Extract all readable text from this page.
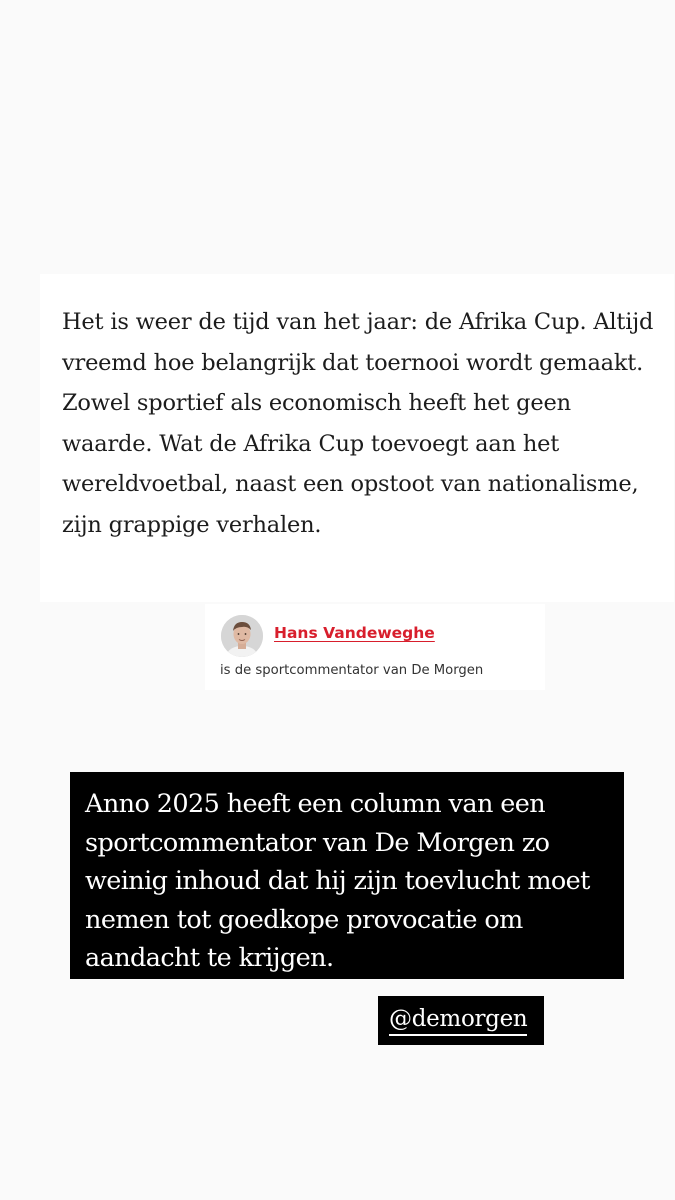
Het is weer de tijd van het jaar: de Afrika Cup. Altijd vreemd hoe belangrijk dat toernooi wordt gemaakt. Zowel sportief als economisch heeft het geen waarde. Wat de Afrika Cup toevoegt aan het wereldvoetbal, naast een opstoot van nationalisme, zijn grappige verhalen.

Hans Vandeweghe

is de sportcommentator van De Morgen

Anno 2025 heeft een column van een sportcommentator van De Morgen zo weinig inhoud dat hij zijn toevlucht moet nemen tot goedkope provocatie om aandacht te krijgen.

@demorgen
